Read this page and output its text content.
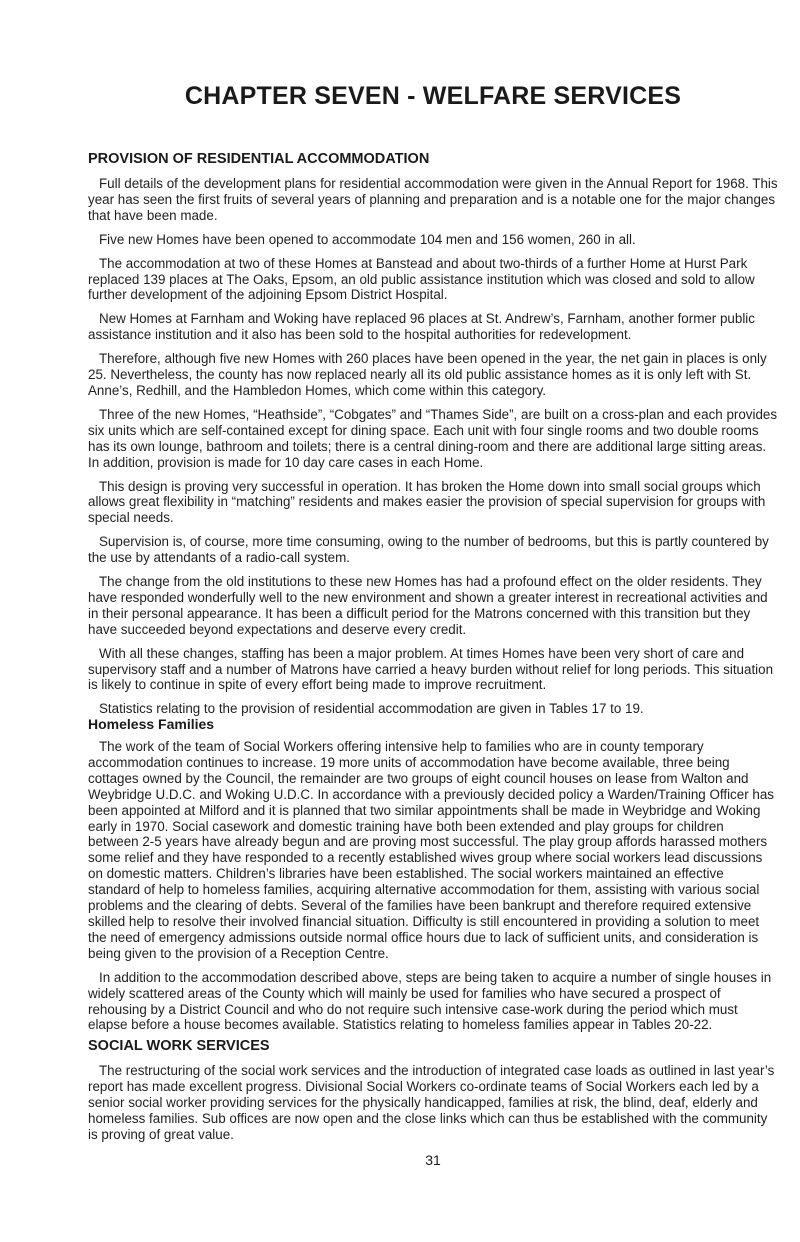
CHAPTER SEVEN - WELFARE SERVICES
PROVISION OF RESIDENTIAL ACCOMMODATION

Full details of the development plans for residential accommodation were given in the Annual Report for 1968. This year has seen the first fruits of several years of planning and preparation and is a notable one for the major changes that have been made.

Five new Homes have been opened to accommodate 104 men and 156 women, 260 in all.

The accommodation at two of these Homes at Banstead and about two-thirds of a further Home at Hurst Park replaced 139 places at The Oaks, Epsom, an old public assistance institution which was closed and sold to allow further development of the adjoining Epsom District Hospital.

New Homes at Farnham and Woking have replaced 96 places at St. Andrew’s, Farnham, another former public assistance institution and it also has been sold to the hospital authorities for redevelopment.

Therefore, although five new Homes with 260 places have been opened in the year, the net gain in places is only 25. Nevertheless, the county has now replaced nearly all its old public assistance homes as it is only left with St. Anne’s, Redhill, and the Hambledon Homes, which come within this category.

Three of the new Homes, “Heathside”, “Cobgates” and “Thames Side”, are built on a cross-plan and each provides six units which are self-contained except for dining space. Each unit with four single rooms and two double rooms has its own lounge, bathroom and toilets; there is a central dining-room and there are additional large sitting areas. In addition, provision is made for 10 day care cases in each Home.

This design is proving very successful in operation. It has broken the Home down into small social groups which allows great flexibility in “matching” residents and makes easier the provision of special supervision for groups with special needs.

Supervision is, of course, more time consuming, owing to the number of bedrooms, but this is partly countered by the use by attendants of a radio-call system.

The change from the old institutions to these new Homes has had a profound effect on the older residents. They have responded wonderfully well to the new environment and shown a greater interest in recreational activities and in their personal appearance. It has been a difficult period for the Matrons concerned with this transition but they have succeeded beyond expectations and deserve every credit.

With all these changes, staffing has been a major problem. At times Homes have been very short of care and supervisory staff and a number of Matrons have carried a heavy burden without relief for long periods. This situation is likely to continue in spite of every effort being made to improve recruitment.

Statistics relating to the provision of residential accommodation are given in Tables 17 to 19.

Homeless Families

The work of the team of Social Workers offering intensive help to families who are in county temporary accommodation continues to increase. 19 more units of accommodation have become available, three being cottages owned by the Council, the remainder are two groups of eight council houses on lease from Walton and Weybridge U.D.C. and Woking U.D.C. In accordance with a previously decided policy a Warden/Training Officer has been appointed at Milford and it is planned that two similar appointments shall be made in Weybridge and Woking early in 1970. Social casework and domestic training have both been extended and play groups for children between 2-5 years have already begun and are proving most successful. The play group affords harassed mothers some relief and they have responded to a recently established wives group where social workers lead discussions on domestic matters. Children’s libraries have been established. The social workers maintained an effective standard of help to homeless families, acquiring alternative accommodation for them, assisting with various social problems and the clearing of debts. Several of the families have been bankrupt and therefore required extensive skilled help to resolve their involved financial situation. Difficulty is still encountered in providing a solution to meet the need of emergency admissions outside normal office hours due to lack of sufficient units, and consideration is being given to the provision of a Reception Centre.

In addition to the accommodation described above, steps are being taken to acquire a number of single houses in widely scattered areas of the County which will mainly be used for families who have secured a prospect of rehousing by a District Council and who do not require such intensive case-work during the period which must elapse before a house becomes available. Statistics relating to homeless families appear in Tables 20-22.

SOCIAL WORK SERVICES

The restructuring of the social work services and the introduction of integrated case loads as outlined in last year’s report has made excellent progress. Divisional Social Workers co-ordinate teams of Social Workers each led by a senior social worker providing services for the physically handicapped, families at risk, the blind, deaf, elderly and homeless families. Sub offices are now open and the close links which can thus be established with the community is proving of great value.

31
